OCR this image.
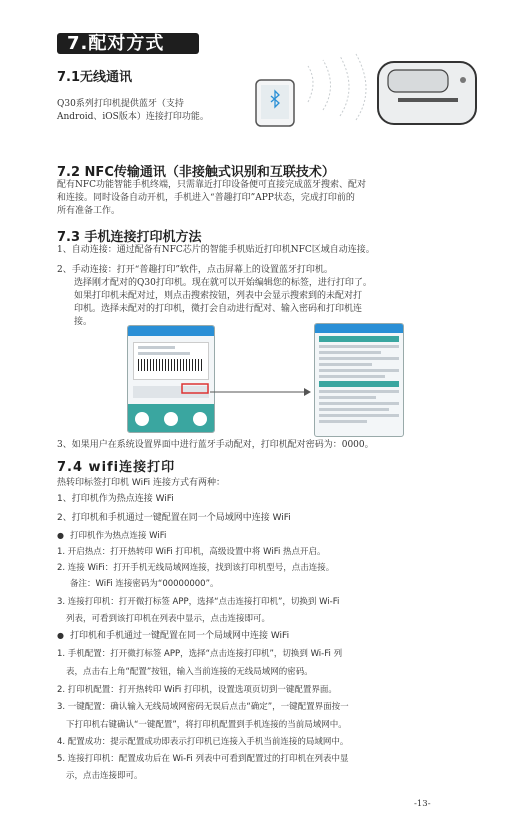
7.配对方式
7.1无线通讯
Q30系列打印机提供蓝牙（支持
Android、iOS版本）连接打印功能。
7.2 NFC传输通讯（非接触式识别和互联技术）
配有NFC功能智能手机终端，只需靠近打印设备便可直接完成蓝牙搜索、配对
和连接。同时设备自动开机，手机进入“普趣打印”APP状态，完成打印前的
所有准备工作。
7.3 手机连接打印机方法
1、自动连接：通过配备有NFC芯片的智能手机贴近打印机NFC区域自动连接。
2、手动连接：打开“普趣打印”软件，点击屏幕上的设置蓝牙打印机。
选择刚才配对的Q30打印机。现在就可以开始编辑您的标签，进行打印了。
如果打印机未配对过，则点击搜索按钮，列表中会显示搜索到的未配对打
印机。选择未配对的打印机，微打会自动进行配对、输入密码和打印机连
接。
3、如果用户在系统设置界面中进行蓝牙手动配对，打印机配对密码为：0000。
7.4 wifi连接打印
热转印标签打印机 WiFi 连接方式有两种：
1、打印机作为热点连接 WiFi
2、打印机和手机通过一键配置在同一个局域网中连接 WiFi
● 打印机作为热点连接 WiFi
1. 开启热点：打开热转印 WiFi 打印机，高级设置中将 WiFi 热点开启。
2. 连接 WiFi：打开手机无线局域网连接，找到该打印机型号，点击连接。
备注：WiFi 连接密码为“00000000”。
3. 连接打印机：打开微打标签 APP，选择“点击连接打印机”，切换到 Wi-Fi
列表，可看到该打印机在列表中显示，点击连接即可。
● 打印机和手机通过一键配置在同一个局域网中连接 WiFi
1. 手机配置：打开微打标签 APP，选择“点击连接打印机”，切换到 Wi-Fi 列
表，点击右上角“配置”按钮，输入当前连接的无线局域网的密码。
2. 打印机配置：打开热转印 WiFi 打印机，设置选项页切到一键配置界面。
3. 一键配置：确认输入无线局域网密码无误后点击“确定”，一键配置界面按一
下打印机右键确认“一键配置”，将打印机配置到手机连接的当前局域网中。
4. 配置成功：提示配置成功即表示打印机已连接入手机当前连接的局域网中。
5. 连接打印机：配置成功后在 Wi-Fi 列表中可看到配置过的打印机在列表中显
示，点击连接即可。
-13-
